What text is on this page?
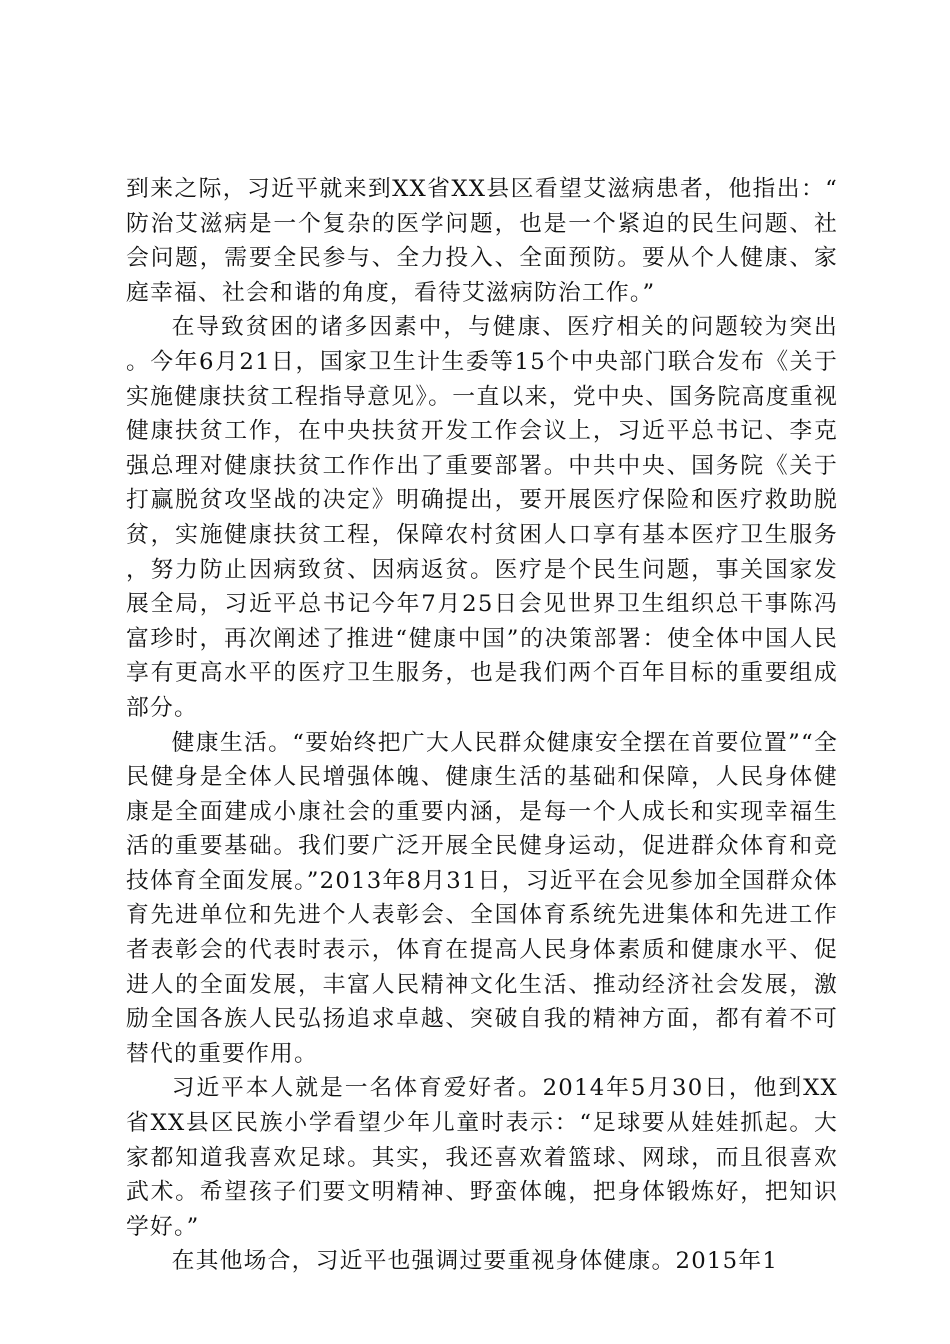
到来之际，习近平就来到XX省XX县区看望艾滋病患者，他指出：“防治艾滋病是一个复杂的医学问题，也是一个紧迫的民生问题、社会问题，需要全民参与、全力投入、全面预防。要从个人健康、家庭幸福、社会和谐的角度，看待艾滋病防治工作。”

在导致贫困的诸多因素中，与健康、医疗相关的问题较为突出。今年6月21日，国家卫生计生委等15个中央部门联合发布《关于实施健康扶贫工程指导意见》。一直以来，党中央、国务院高度重视健康扶贫工作，在中央扶贫开发工作会议上，习近平总书记、李克强总理对健康扶贫工作作出了重要部署。中共中央、国务院《关于打赢脱贫攻坚战的决定》明确提出，要开展医疗保险和医疗救助脱贫，实施健康扶贫工程，保障农村贫困人口享有基本医疗卫生服务，努力防止因病致贫、因病返贫。医疗是个民生问题，事关国家发展全局，习近平总书记今年7月25日会见世界卫生组织总干事陈冯富珍时，再次阐述了推进“健康中国”的决策部署：使全体中国人民享有更高水平的医疗卫生服务，也是我们两个百年目标的重要组成部分。

健康生活。“要始终把广大人民群众健康安全摆在首要位置”“全民健身是全体人民增强体魄、健康生活的基础和保障，人民身体健康是全面建成小康社会的重要内涵，是每一个人成长和实现幸福生活的重要基础。我们要广泛开展全民健身运动，促进群众体育和竞技体育全面发展。”2013年8月31日，习近平在会见参加全国群众体育先进单位和先进个人表彰会、全国体育系统先进集体和先进工作者表彰会的代表时表示，体育在提高人民身体素质和健康水平、促进人的全面发展，丰富人民精神文化生活、推动经济社会发展，激励全国各族人民弘扬追求卓越、突破自我的精神方面，都有着不可替代的重要作用。

习近平本人就是一名体育爱好者。2014年5月30日，他到XX省XX县区民族小学看望少年儿童时表示：“足球要从娃娃抓起。大家都知道我喜欢足球。其实，我还喜欢着篮球、网球，而且很喜欢武术。希望孩子们要文明精神、野蛮体魄，把身体锻炼好，把知识学好。”

在其他场合，习近平也强调过要重视身体健康。2015年1
